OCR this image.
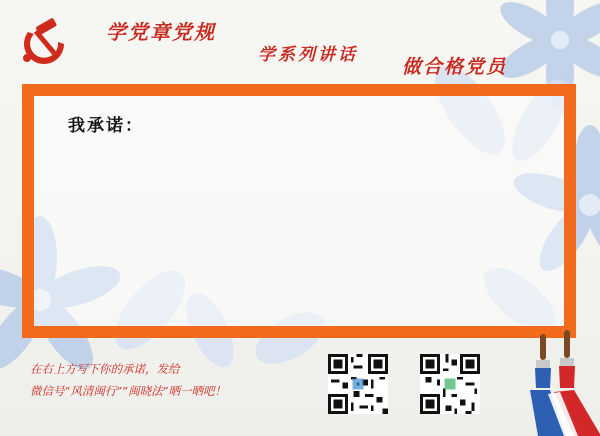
学党章党规
学系列讲话
做合格党员
我承诺：
在右上方写下你的承诺，发给
微信号“风清闽行”“闽晓法”晒一晒吧！
